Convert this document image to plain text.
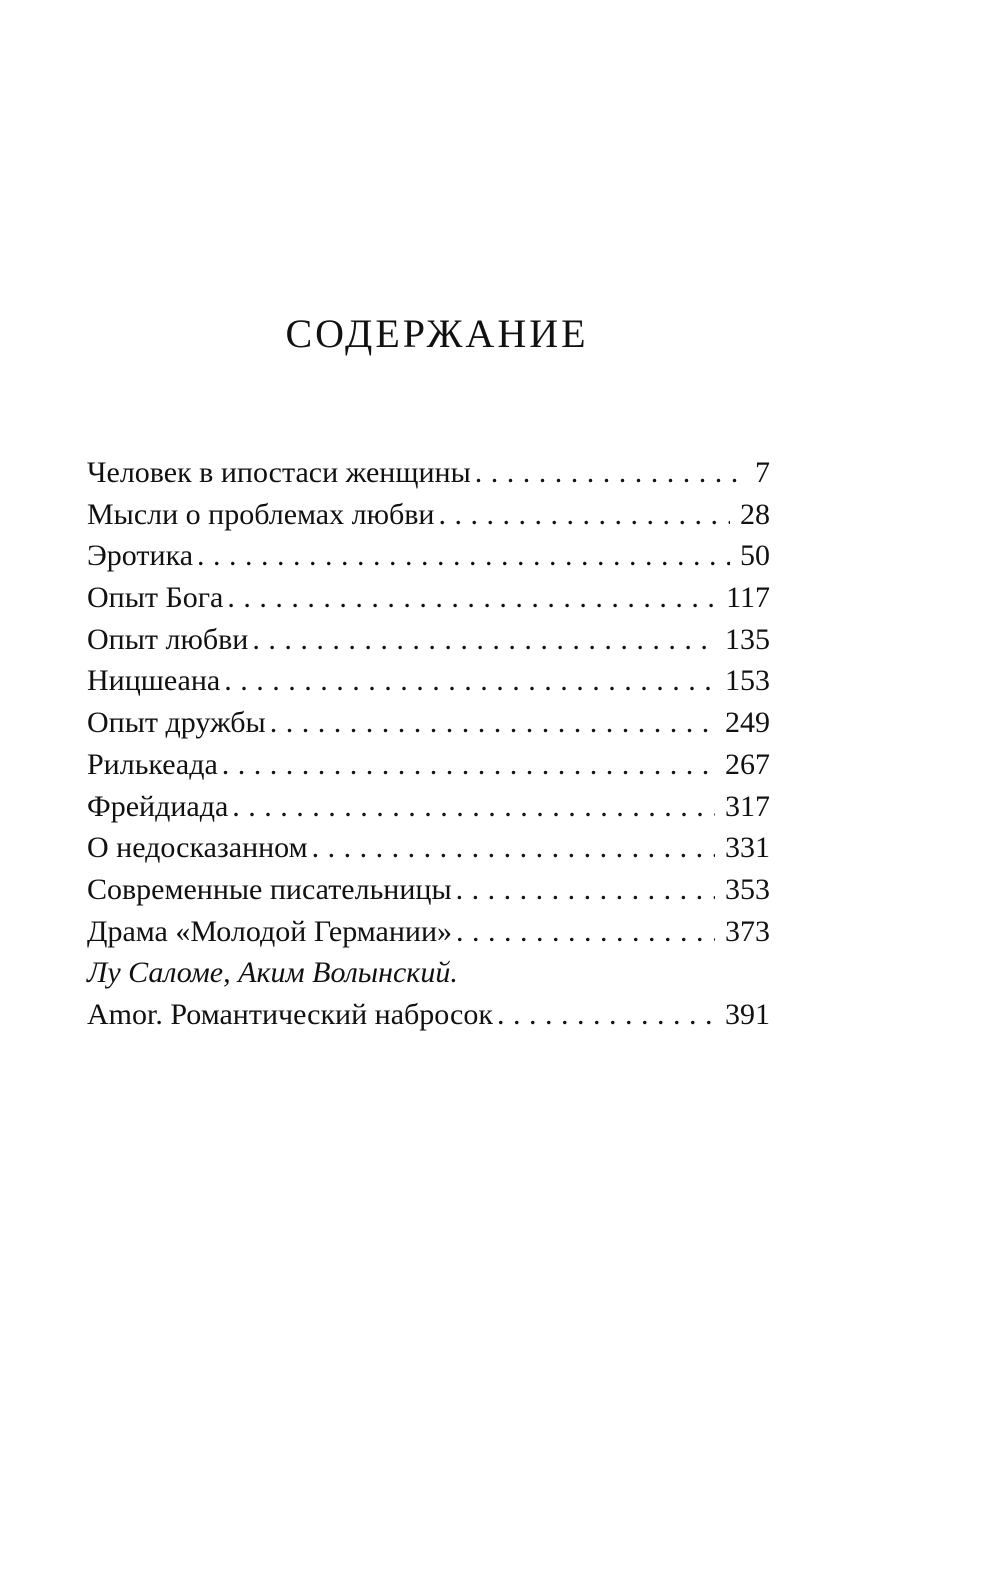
СОДЕРЖАНИЕ
Человек в ипостаси женщины . . .	7
Мысли о проблемах любви . . .	28
Эротика . . .	50
Опыт Бога . . .	117
Опыт любви . . .	135
Ницшеана . . .	153
Опыт дружбы . . .	249
Рилькеада . . .	267
Фрейдиада . . .	317
О недосказанном . . .	331
Современные писательницы . . .	353
Драма «Молодой Германии» . . .	373
Лу Саломе, Аким Волынский.
Amor. Романтический набросок . . .	391
